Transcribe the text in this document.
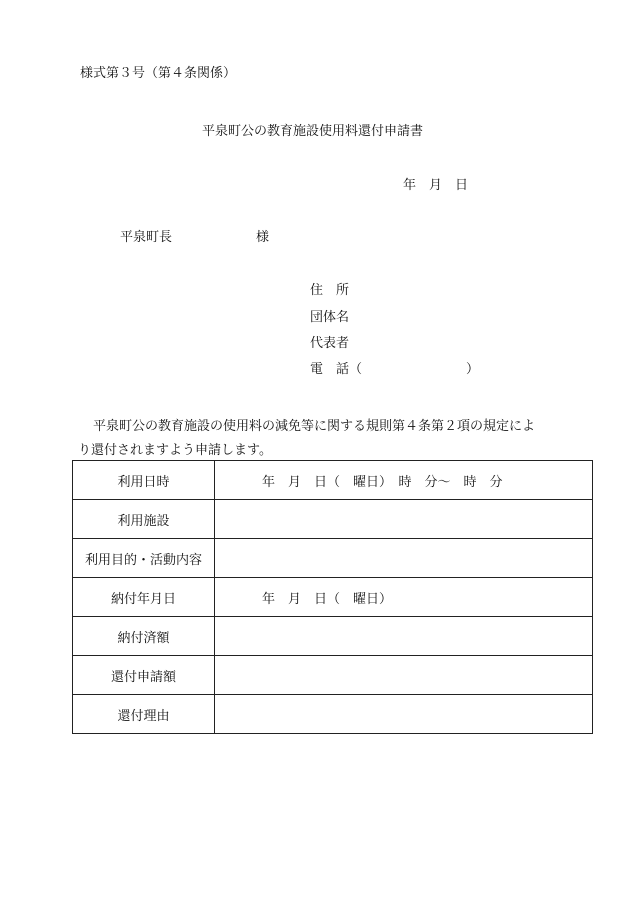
様式第３号（第４条関係）
平泉町公の教育施設使用料還付申請書
年　月　日
平泉町長	様
住　所
団体名
代表者
電　話（	）

平泉町公の教育施設の使用料の減免等に関する規則第４条第２項の規定によ
り還付されますよう申請します。

利用日時	年　月　日（　曜日）　時　分～　時　分
利用施設	
利用目的・活動内容	
納付年月日	年　月　日（　曜日）
納付済額	
還付申請額	
還付理由	
